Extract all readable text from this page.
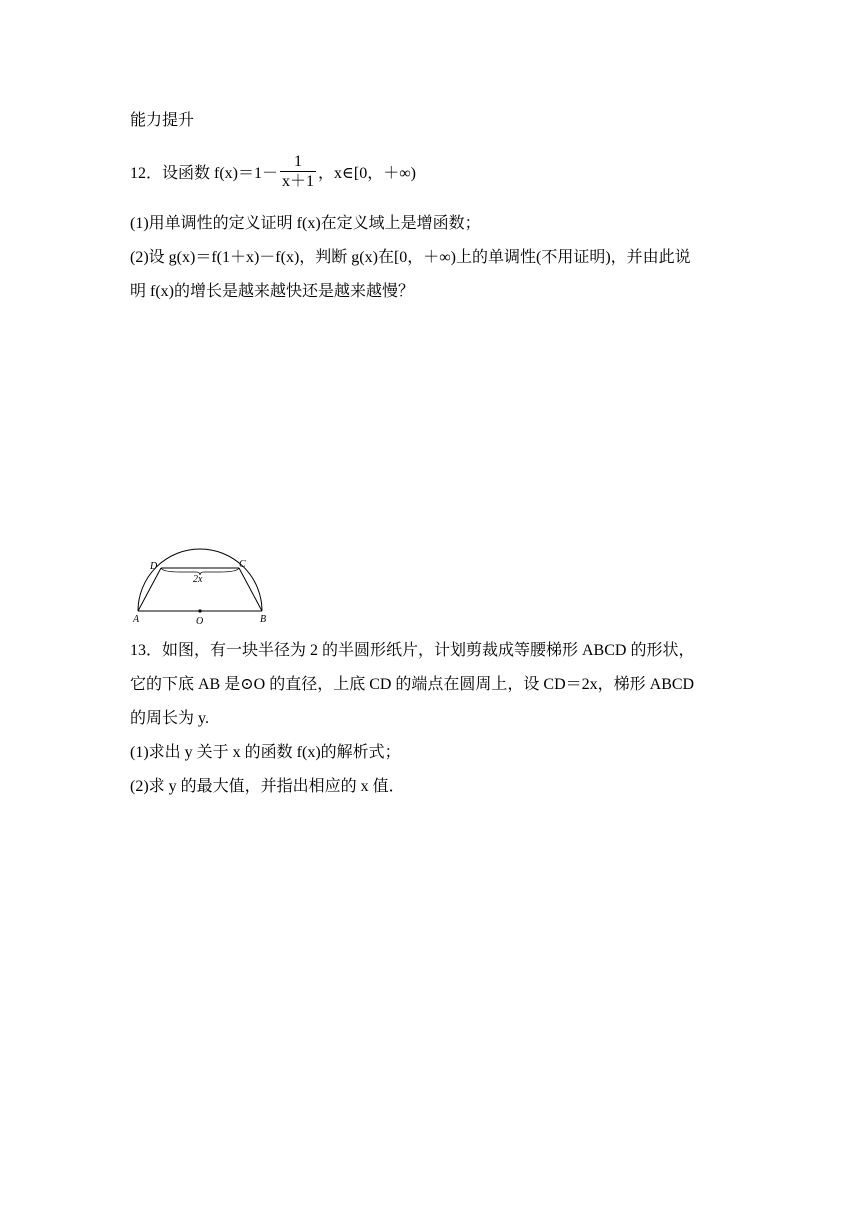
能力提升
12．设函数 $f(x)=1- \frac{1}{x+1}$ ，x∈[0，＋∞)
(1)用单调性的定义证明 f(x)在定义域上是增函数；
(2)设 g(x)＝f(1＋x)－f(x)，判断 g(x)在[0，＋∞)上的单调性(不用证明)，并由此说
明 f(x)的增长是越来越快还是越来越慢？
A	B
C
D
O
2x
13．如图，有一块半径为 2 的半圆形纸片，计划剪裁成等腰梯形 ABCD 的形状，
它的下底 AB 是⊙O 的直径，上底 CD 的端点在圆周上，设 CD＝2x，梯形 ABCD
的周长为 y.
(1)求出 y 关于 x 的函数 f(x)的解析式；
(2)求 y 的最大值，并指出相应的 x 值．
